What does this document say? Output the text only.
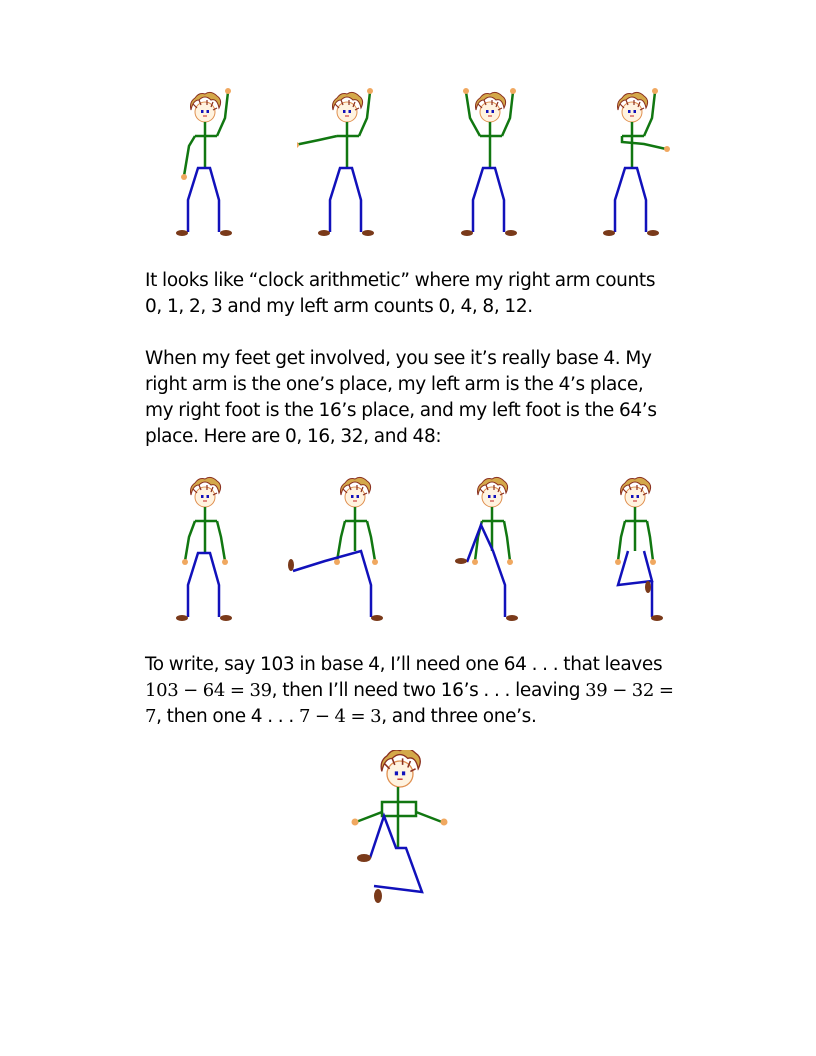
It looks like “clock arithmetic” where my right arm counts
0, 1, 2, 3 and my left arm counts 0, 4, 8, 12.

When my feet get involved, you see it’s really base 4. My
right arm is the one’s place, my left arm is the 4’s place,
my right foot is the 16’s place, and my left foot is the 64’s
place. Here are 0, 16, 32, and 48:

To write, say 103 in base 4, I’ll need one 64 . . . that leaves
103 − 64 = 39, then I’ll need two 16’s . . . leaving 39 − 32 =
7, then one 4 . . . 7 − 4 = 3, and three one’s.
